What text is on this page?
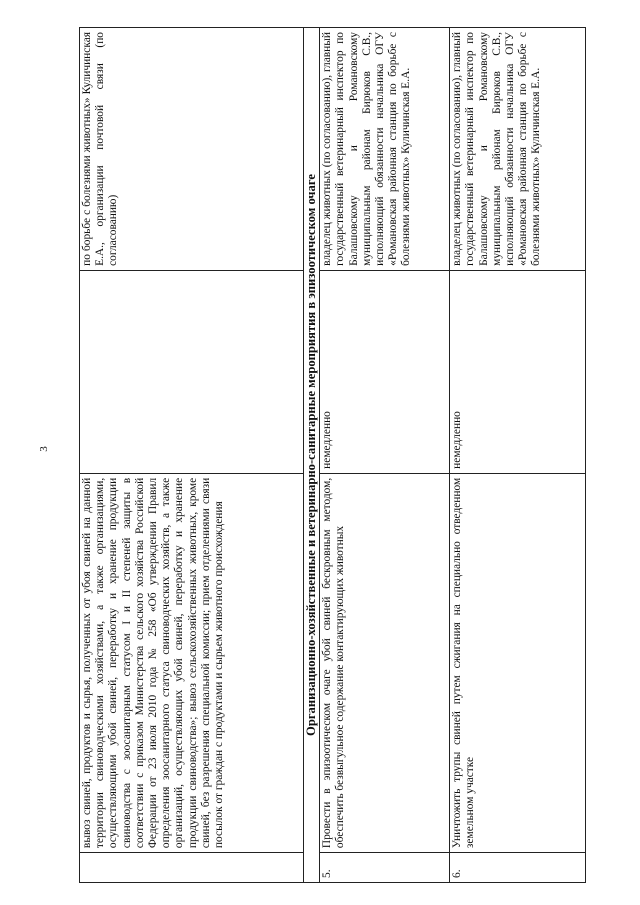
3
	вывоз свиней, продуктов и сырья, полученных от убоя свиней на данной территории свиноводческими хозяйствами, а также организациями, осуществляющими убой свиней, переработку и хранение продукции свиноводства с зоосанитарным статусом I и II степеней защиты в соответствии с приказом Министерства сельского хозяйства Российской Федерации от 23 июля 2010 года № 258 «Об утверждении Правил определения зоосанитарного статуса свиноводческих хозяйств, а также организаций, осуществляющих убой свиней, переработку и хранение продукции свиноводства»; вывоз сельскохозяйственных животных, кроме свиней, без разрешения специальной комиссии; прием отделениями связи посылок от граждан с продуктами и сырьем животного происхождения		по борьбе с болезнями животных» Куличинская Е.А., организации почтовой связи (по согласованию)
Организационно-хозяйственные и ветеринарно-санитарные мероприятия в эпизоотическом очаге			
5.	Провести в эпизоотическом очаге убой свиней бескровным методом, обеспечить безвыгульное содержание контактирующих животных	немедленно	владелец животных (по согласованию), главный государственный ветеринарный инспектор по Балашовскому и Романовскому муниципальным районам Бирюков С.В., исполняющий обязанности начальника ОГУ «Романовская районная станция по борьбе с болезнями животных» Куличинская Е.А.
6.	Уничтожить трупы свиней путем сжигания на специально отведенном земельном участке	немедленно	владелец животных (по согласованию), главный государственный ветеринарный инспектор по Балашовскому и Романовскому муниципальным районам Бирюков С.В., исполняющий обязанности начальника ОГУ «Романовская районная станция по борьбе с болезнями животных» Куличинская Е.А.
